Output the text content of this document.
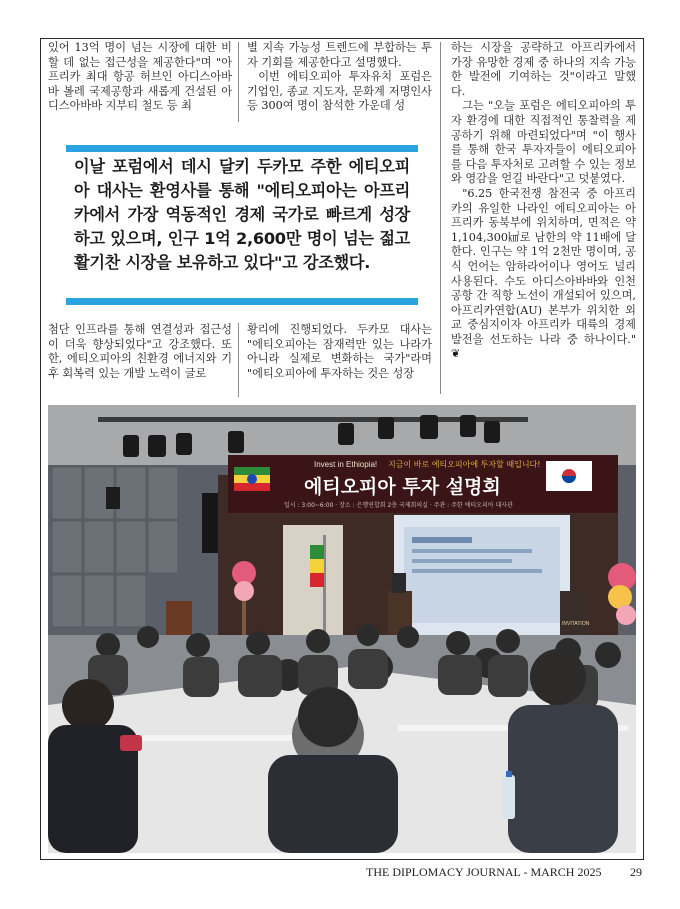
있어 13억 명이 넘는 시장에 대한 비할 데 없는 접근성을 제공한다"며 "아프리카 최대 항공 허브인 아디스아바바 볼레 국제공항과 새롭게 건설된 아디스아바바 지부티 철도 등 최

별 지속 가능성 트렌드에 부합하는 투자 기회를 제공한다고 설명했다.

이번 에티오피아 투자유치 포럼은 기업인, 종교 지도자, 문화계 저명인사 등 300여 명이 참석한 가운데 성

하는 시장을 공략하고 아프리카에서 가장 유망한 경제 중 하나의 지속 가능한 발전에 기여하는 것"이라고 말했다.

그는 "오늘 포럼은 에티오피아의 투자 환경에 대한 직접적인 통찰력을 제공하기 위해 마련되었다"며 "이 행사를 통해 한국 투자자들이 에티오피아를 다음 투자처로 고려할 수 있는 정보와 영감을 얻길 바란다"고 덧붙였다.

"6.25 한국전쟁 참전국 중 아프리카의 유일한 나라인 에티오피아는 아프리카 동북부에 위치하며, 면적은 약 1,104,300㎢로 남한의 약 11배에 달한다. 인구는 약 1억 2천만 명이며, 공식 언어는 암하라어이나 영어도 널리 사용된다. 수도 아디스아바바와 인천공항 간 직항 노선이 개설되어 있으며, 아프리카연합(AU) 본부가 위치한 외교 중심지이자 아프리카 대륙의 경제 발전을 선도하는 나라 중 하나이다." ❦

이날 포럼에서 데시 달키 두카모 주한 에티오피아 대사는 환영사를 통해 "에티오피아는 아프리카에서 가장 역동적인 경제 국가로 빠르게 성장하고 있으며, 인구 1억 2,600만 명이 넘는 젊고 활기찬 시장을 보유하고 있다"고 강조했다.

첨단 인프라를 통해 연결성과 접근성이 더욱 향상되었다"고 강조했다. 또한, 에티오피아의 친환경 에너지와 기후 회복력 있는 개발 노력이 글로

황리에 진행되었다. 두카모 대사는 "에티오피아는 잠재력만 있는 나라가 아니라 실제로 변화하는 국가"라며 "에티오피아에 투자하는 것은 성장

Invest in Ethiopia! 지금이 바로 에티오피아에 투자할 때입니다!
에티오피아 투자 설명회
일시 : 3:00~6:00 · 장소 : 은행연합회 2층 국제회의실 · 주관 : 주한 에티오피아 대사관
INVITATION
THE DIPLOMACY JOURNAL - MARCH 2025 29
